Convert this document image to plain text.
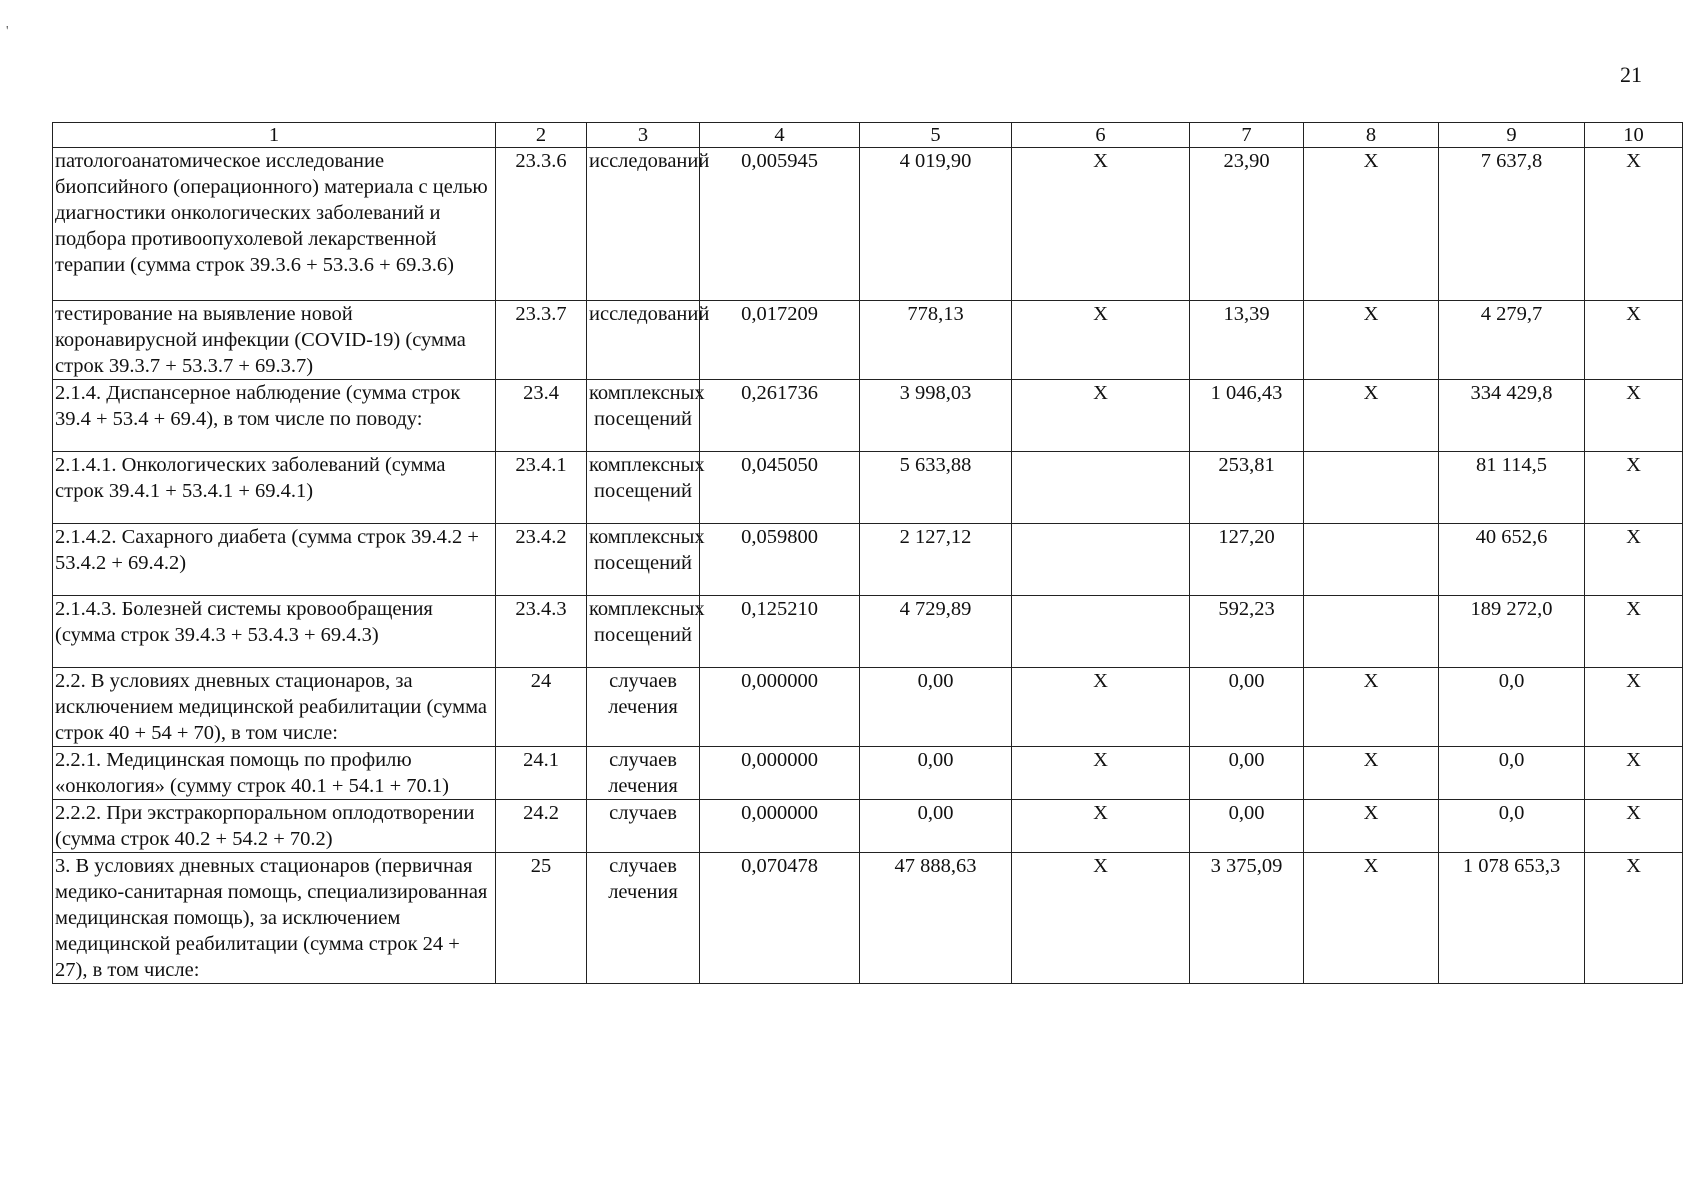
'
21
1	2	3	4	5	6	7	8	9	10
патологоанатомическое исследование биопсийного (операционного) материала с целью диагностики онкологических заболеваний и подбора противоопухолевой лекарственной терапии (сумма строк 39.3.6 + 53.3.6 + 69.3.6)	23.3.6	исследований	0,005945	4 019,90	Х	23,90	Х	7 637,8	Х
тестирование на выявление новой коронавирусной инфекции (COVID-19) (сумма строк 39.3.7 + 53.3.7 + 69.3.7)	23.3.7	исследований	0,017209	778,13	Х	13,39	Х	4 279,7	Х
2.1.4. Диспансерное наблюдение (сумма строк 39.4 + 53.4 + 69.4), в том числе по поводу:	23.4	комплексных посещений	0,261736	3 998,03	Х	1 046,43	Х	334 429,8	Х
2.1.4.1. Онкологических заболеваний (сумма строк 39.4.1 + 53.4.1 + 69.4.1)	23.4.1	комплексных посещений	0,045050	5 633,88		253,81		81 114,5	Х
2.1.4.2. Сахарного диабета (сумма строк 39.4.2 + 53.4.2 + 69.4.2)	23.4.2	комплексных посещений	0,059800	2 127,12		127,20		40 652,6	Х
2.1.4.3. Болезней системы кровообращения (сумма строк 39.4.3 + 53.4.3 + 69.4.3)	23.4.3	комплексных посещений	0,125210	4 729,89		592,23		189 272,0	Х
2.2. В условиях дневных стационаров, за исключением медицинской реабилитации (сумма строк 40 + 54 + 70), в том числе:	24	случаев лечения	0,000000	0,00	Х	0,00	Х	0,0	Х
2.2.1. Медицинская помощь по профилю «онкология» (сумму строк 40.1 + 54.1 + 70.1)	24.1	случаев лечения	0,000000	0,00	Х	0,00	Х	0,0	Х
2.2.2. При экстракорпоральном оплодотворении (сумма строк 40.2 + 54.2 + 70.2)	24.2	случаев	0,000000	0,00	Х	0,00	Х	0,0	Х
3. В условиях дневных стационаров (первичная медико-санитарная помощь, специализированная медицинская помощь), за исключением медицинской реабилитации (сумма строк 24 + 27), в том числе:	25	случаев лечения	0,070478	47 888,63	Х	3 375,09	Х	1 078 653,3	Х
